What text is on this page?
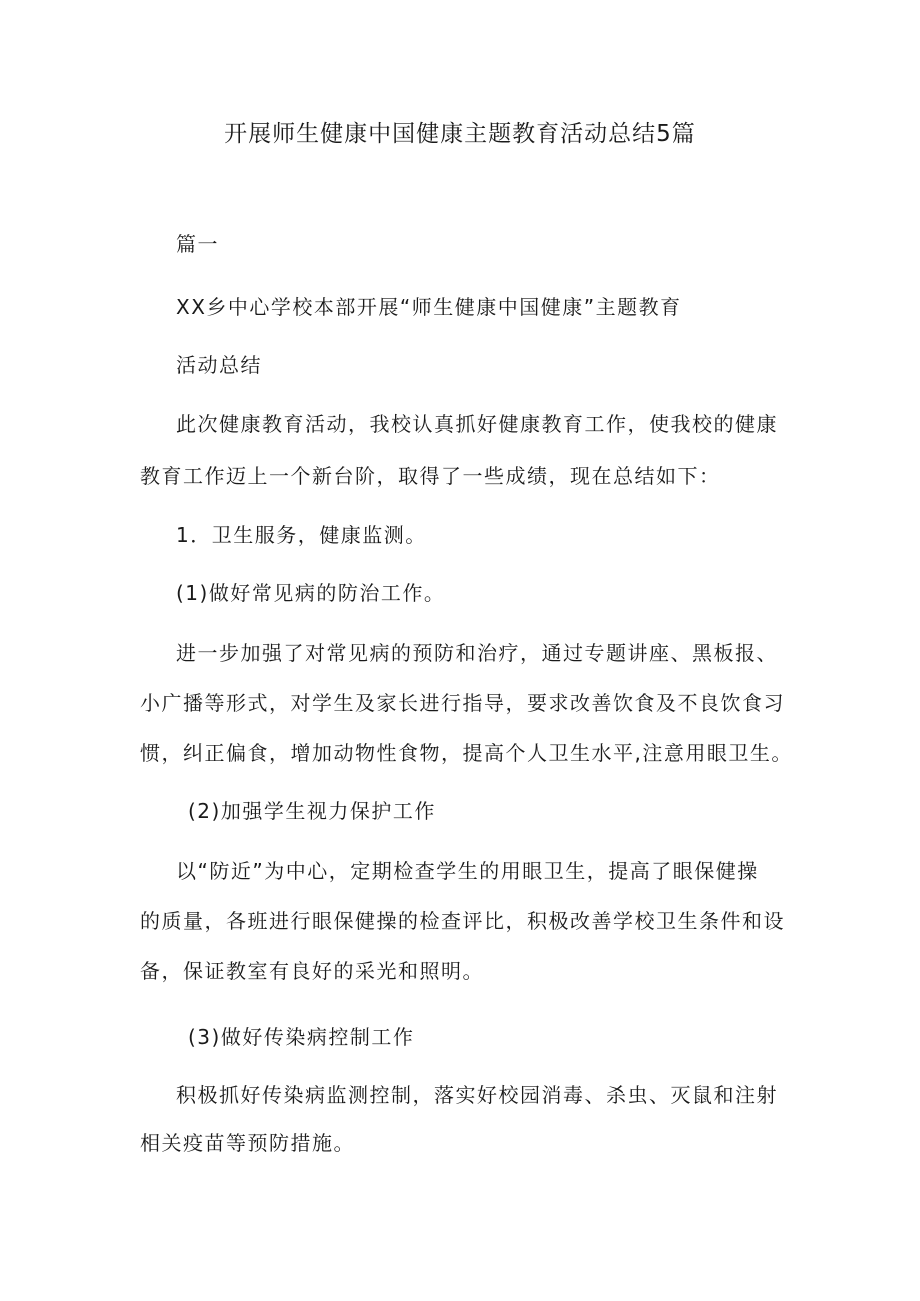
开展师生健康中国健康主题教育活动总结5篇

篇一

XX乡中心学校本部开展“师生健康中国健康”主题教育

活动总结

此次健康教育活动，我校认真抓好健康教育工作，使我校的健康

教育工作迈上一个新台阶，取得了一些成绩，现在总结如下：

1．卫生服务，健康监测。

(1)做好常见病的防治工作。

进一步加强了对常见病的预防和治疗，通过专题讲座、黑板报、

小广播等形式，对学生及家长进行指导，要求改善饮食及不良饮食习

惯，纠正偏食，增加动物性食物，提高个人卫生水平,注意用眼卫生。

(2)加强学生视力保护工作

以“防近”为中心，定期检查学生的用眼卫生，提高了眼保健操

的质量，各班进行眼保健操的检查评比，积极改善学校卫生条件和设

备，保证教室有良好的采光和照明。

(3)做好传染病控制工作

积极抓好传染病监测控制，落实好校园消毒、杀虫、灭鼠和注射

相关疫苗等预防措施。
